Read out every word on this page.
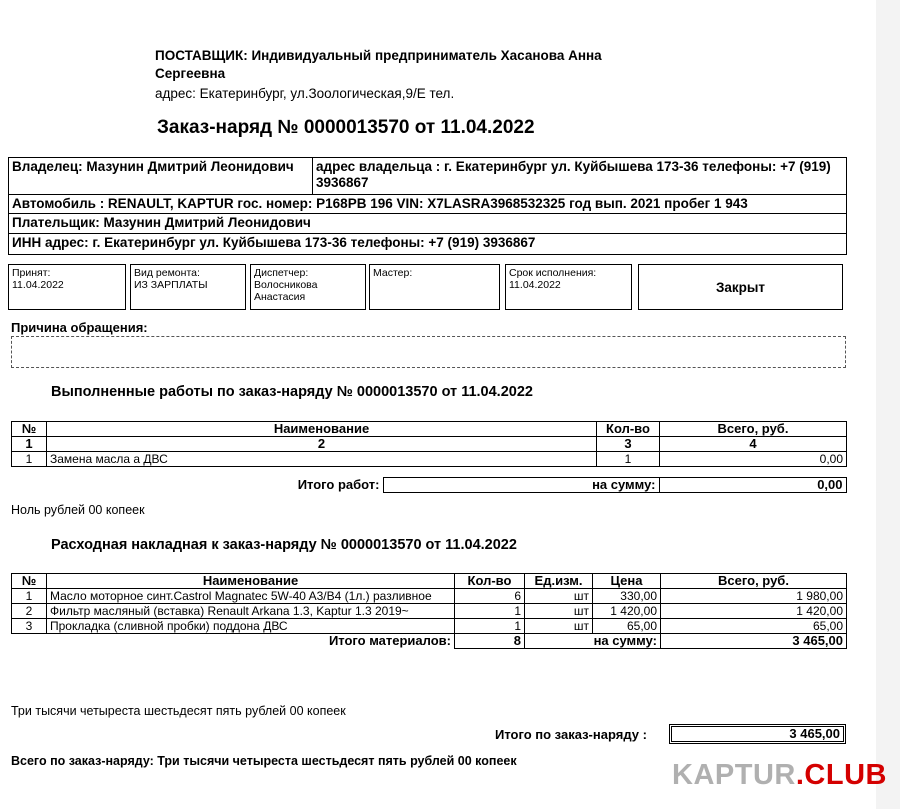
ПОСТАВЩИК: Индивидуальный предприниматель Хасанова Анна Сергеевна
адрес: Екатеринбург, ул.Зоологическая,9/Е тел.
Заказ-наряд № 0000013570 от 11.04.2022
Владелец: Мазунин Дмитрий Леонидович	адрес владельца : г. Екатеринбург ул. Куйбышева 173-36 телефоны: +7 (919) 3936867
Автомобиль : RENAULT, KAPTUR гос. номер: Р168РВ 196 VIN: X7LASRA3968532325 год вып. 2021 пробег 1 943
Плательщик: Мазунин Дмитрий Леонидович
ИНН адрес: г. Екатеринбург ул. Куйбышева 173-36 телефоны: +7 (919) 3936867
Принят:
11.04.2022
Вид ремонта:
ИЗ ЗАРПЛАТЫ
Диспетчер:
Волосникова Анастасия
Мастер:	Срок исполнения:
11.04.2022	Закрыт
Причина обращения:
Выполненные работы по заказ-наряду № 0000013570 от 11.04.2022
№	Наименование	Кол-во	Всего, руб.
1	2	3	4
1	Замена масла а ДВС	1	0,00
Итого работ:	на сумму:	0,00
Ноль рублей 00 копеек
Расходная накладная к заказ-наряду № 0000013570 от 11.04.2022
№	Наименование	Кол-во	Ед.изм.	Цена	Всего, руб.
1	Масло моторное синт.Castrol Magnatec 5W-40 A3/B4 (1л.) разливное	6	шт	330,00	1 980,00
2	Фильтр масляный (вставка) Renault Arkana 1.3, Kaptur 1.3 2019~	1	шт	1 420,00	1 420,00
3	Прокладка (сливной пробки) поддона ДВС	1	шт	65,00	65,00
Итого материалов:		8	на сумму:		3 465,00
Три тысячи четыреста шестьдесят пять рублей 00 копеек
Итого по заказ-наряду :	3 465,00
Всего по заказ-наряду: Три тысячи четыреста шестьдесят пять рублей 00 копеек	KAPTUR.CLUB
